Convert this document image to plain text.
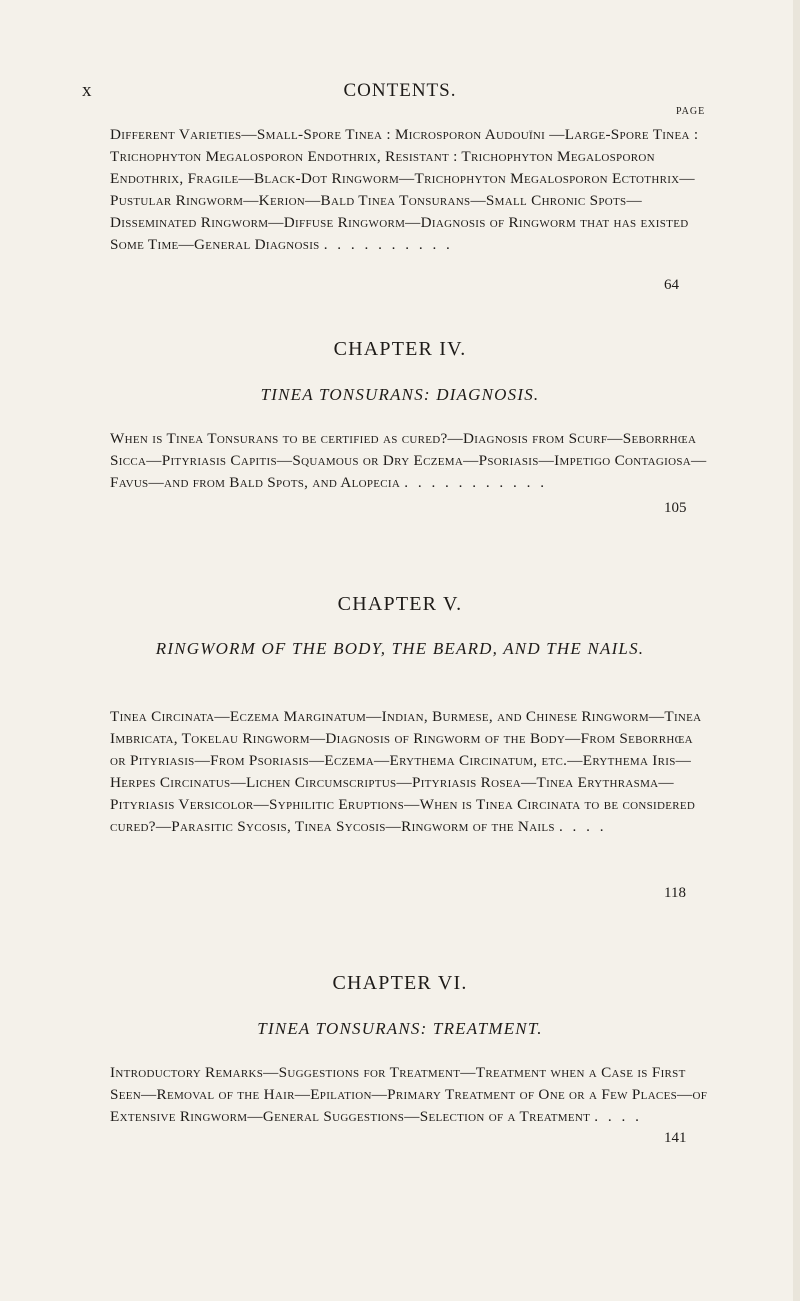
x	CONTENTS.
PAGE
Different Varieties—Small-Spore Tinea : Microsporon Audouïni —Large-Spore Tinea : Trichophyton Megalosporon Endothrix, Resistant : Trichophyton Megalosporon Endothrix, Fragile—Black-Dot Ringworm—Trichophyton Megalosporon Ectothrix—Pustular Ringworm—Kerion—Bald Tinea Tonsurans—Small Chronic Spots—Disseminated Ringworm—Diffuse Ringworm—Diagnosis of Ringworm that has existed Some Time—General Diagnosis . . . . . . . . . .
64
CHAPTER IV.
TINEA TONSURANS: DIAGNOSIS.
When is Tinea Tonsurans to be certified as cured?—Diagnosis from Scurf—Seborrhœa Sicca—Pityriasis Capitis—Squamous or Dry Eczema—Psoriasis—Impetigo Contagiosa—Favus—and from Bald Spots, and Alopecia . . . . . . . . . . .
105
CHAPTER V.
RINGWORM OF THE BODY, THE BEARD, AND THE NAILS.
Tinea Circinata—Eczema Marginatum—Indian, Burmese, and Chinese Ringworm—Tinea Imbricata, Tokelau Ringworm—Diagnosis of Ringworm of the Body—From Seborrhœa or Pityriasis—From Psoriasis—Eczema—Erythema Circinatum, etc.—Erythema Iris—Herpes Circinatus—Lichen Circumscriptus—Pityriasis Rosea—Tinea Erythrasma—Pityriasis Versicolor—Syphilitic Eruptions—When is Tinea Circinata to be considered cured?—Parasitic Sycosis, Tinea Sycosis—Ringworm of the Nails . . . .
118
CHAPTER VI.
TINEA TONSURANS: TREATMENT.
Introductory Remarks—Suggestions for Treatment—Treatment when a Case is First Seen—Removal of the Hair—Epilation—Primary Treatment of One or a Few Places—of Extensive Ringworm—General Suggestions—Selection of a Treatment . . . .
141
